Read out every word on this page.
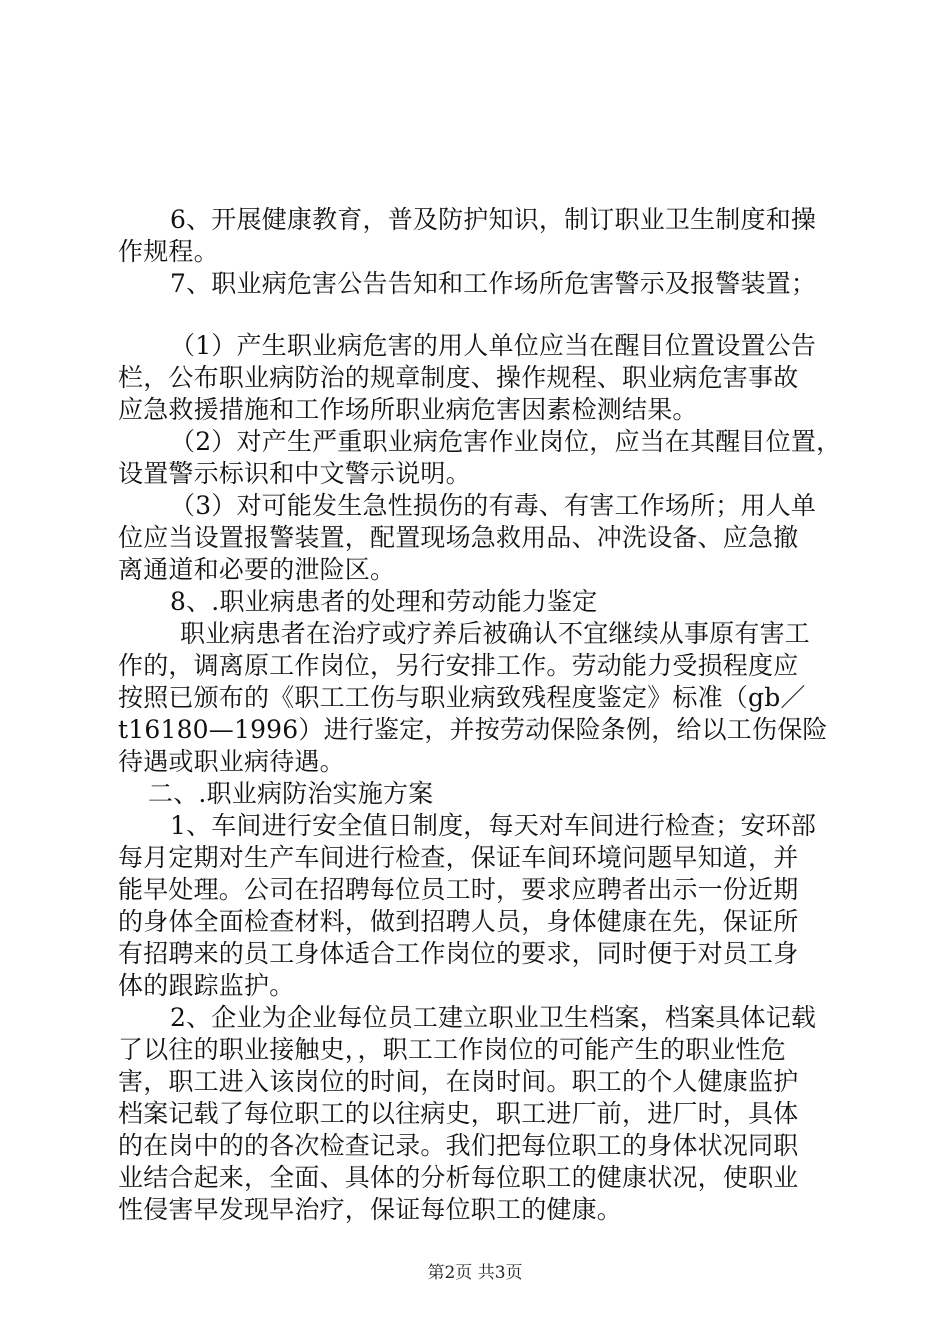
6、开展健康教育，普及防护知识，制订职业卫生制度和操
作规程。
7、职业病危害公告告知和工作场所危害警示及报警装置；
（1）产生职业病危害的用人单位应当在醒目位置设置公告
栏，公布职业病防治的规章制度、操作规程、职业病危害事故
应急救援措施和工作场所职业病危害因素检测结果。
（2）对产生严重职业病危害作业岗位，应当在其醒目位置，
设置警示标识和中文警示说明。
（3）对可能发生急性损伤的有毒、有害工作场所；用人单
位应当设置报警装置，配置现场急救用品、冲洗设备、应急撤
离通道和必要的泄险区。
8、.职业病患者的处理和劳动能力鉴定
职业病患者在治疗或疗养后被确认不宜继续从事原有害工
作的，调离原工作岗位，另行安排工作。劳动能力受损程度应
按照已颁布的《职工工伤与职业病致残程度鉴定》标准（gb／
t16180—1996）进行鉴定，并按劳动保险条例，给以工伤保险
待遇或职业病待遇。
二、.职业病防治实施方案
1、车间进行安全值日制度，每天对车间进行检查；安环部
每月定期对生产车间进行检查，保证车间环境问题早知道，并
能早处理。公司在招聘每位员工时，要求应聘者出示一份近期
的身体全面检查材料，做到招聘人员，身体健康在先，保证所
有招聘来的员工身体适合工作岗位的要求，同时便于对员工身
体的跟踪监护。
2、企业为企业每位员工建立职业卫生档案，档案具体记载
了以往的职业接触史，，职工工作岗位的可能产生的职业性危
害，职工进入该岗位的时间，在岗时间。职工的个人健康监护
档案记载了每位职工的以往病史，职工进厂前，进厂时，具体
的在岗中的的各次检查记录。我们把每位职工的身体状况同职
业结合起来，全面、具体的分析每位职工的健康状况，使职业
性侵害早发现早治疗，保证每位职工的健康。
第2页 共3页
